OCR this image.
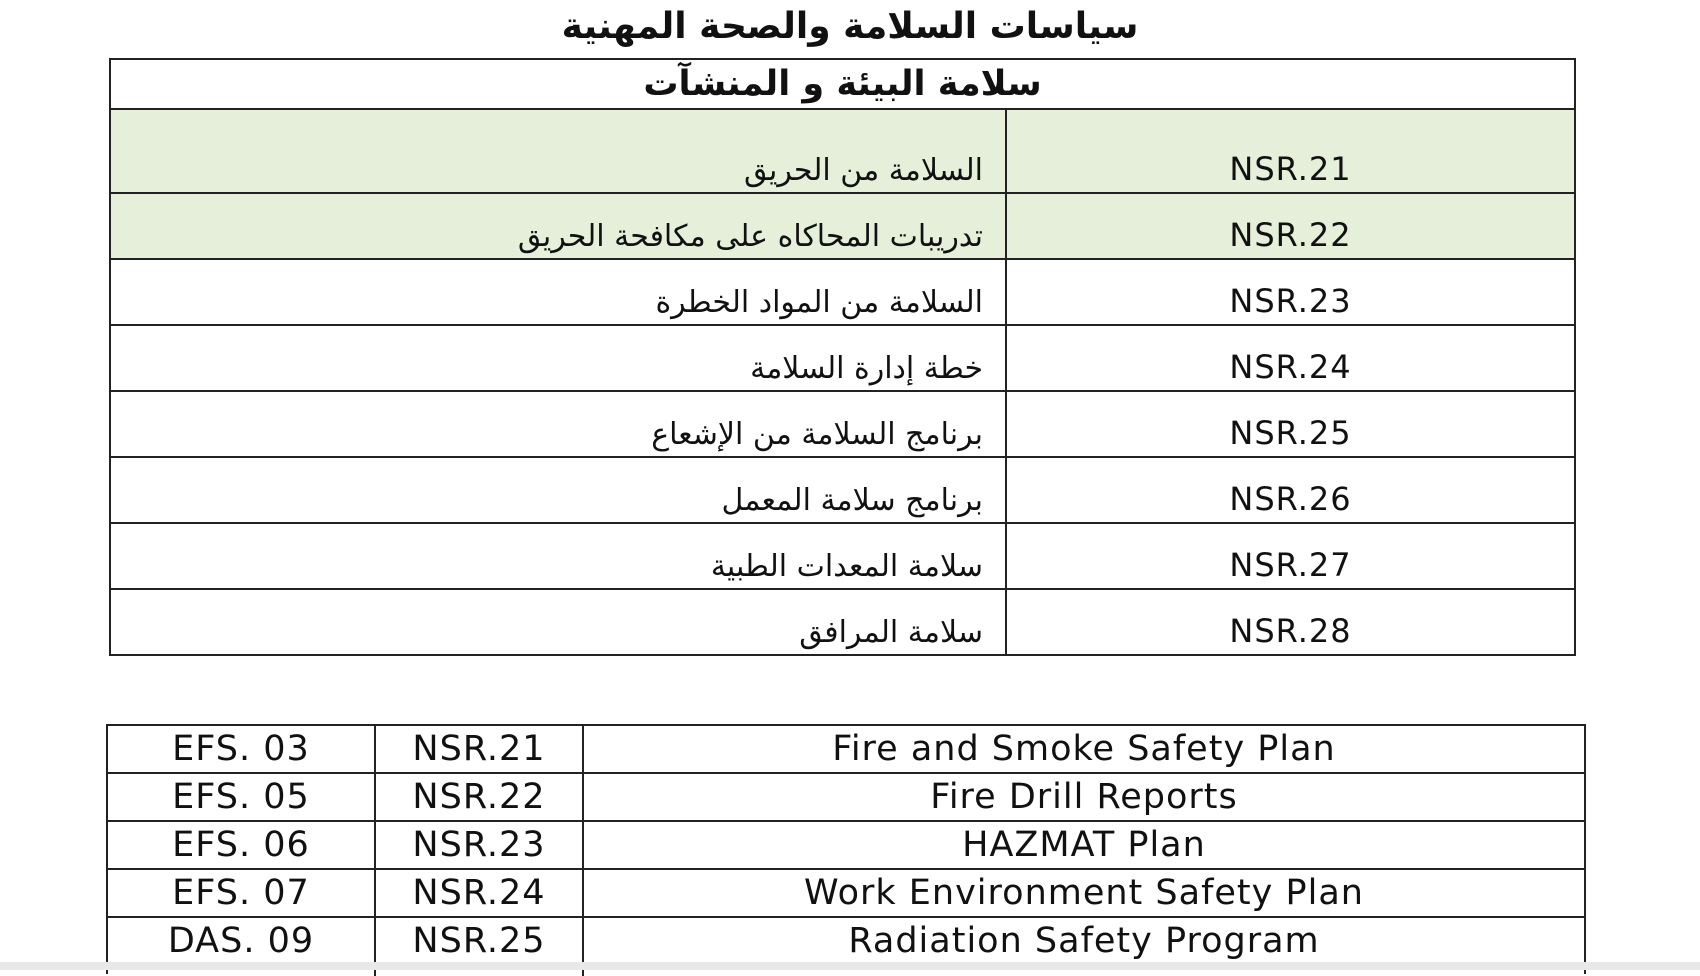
سياسات السلامة والصحة المهنية
سلامة البيئة و المنشآت
السلامة من الحريق	NSR.21
تدريبات المحاكاه على مكافحة الحريق	NSR.22
السلامة من المواد الخطرة	NSR.23
خطة إدارة السلامة	NSR.24
برنامج السلامة من الإشعاع	NSR.25
برنامج سلامة المعمل	NSR.26
سلامة المعدات الطبية	NSR.27
سلامة المرافق	NSR.28
EFS. 03	NSR.21	Fire and Smoke Safety Plan
EFS. 05	NSR.22	Fire Drill Reports
EFS. 06	NSR.23	HAZMAT Plan
EFS. 07	NSR.24	Work Environment Safety Plan
DAS. 09	NSR.25	Radiation Safety Program
